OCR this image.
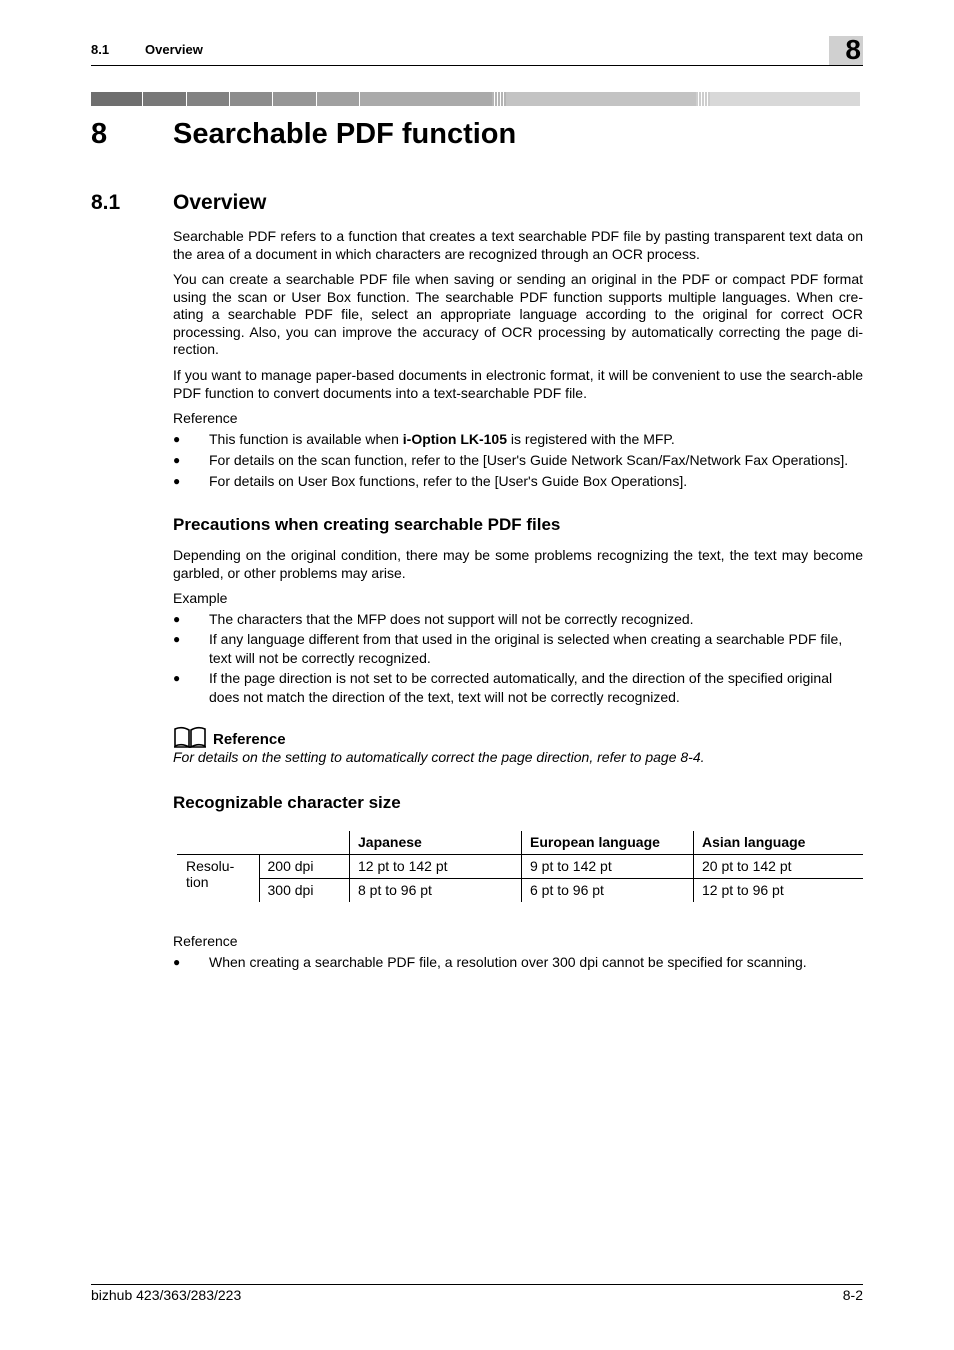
8.1	Overview	8
8 Searchable PDF function
8.1	Overview
Searchable PDF refers to a function that creates a text searchable PDF file by pasting transparent text data on the area of a document in which characters are recognized through an OCR process.
You can create a searchable PDF file when saving or sending an original in the PDF or compact PDF format using the scan or User Box function. The searchable PDF function supports multiple languages. When cre-ating a searchable PDF file, select an appropriate language according to the original for correct OCR processing. Also, you can improve the accuracy of OCR processing by automatically correcting the page di-rection.
If you want to manage paper-based documents in electronic format, it will be convenient to use the search-able PDF function to convert documents into a text-searchable PDF file.
Reference
● This function is available when i-Option LK-105 is registered with the MFP.
● For details on the scan function, refer to the [User's Guide Network Scan/Fax/Network Fax Operations].
● For details on User Box functions, refer to the [User's Guide Box Operations].
Precautions when creating searchable PDF files
Depending on the original condition, there may be some problems recognizing the text, the text may become garbled, or other problems may arise.
Example
● The characters that the MFP does not support will not be correctly recognized.
● If any language different from that used in the original is selected when creating a searchable PDF file, text will not be correctly recognized.
● If the page direction is not set to be corrected automatically, and the direction of the specified original does not match the direction of the text, text will not be correctly recognized.
Reference
For details on the setting to automatically correct the page direction, refer to page 8-4.
Recognizable character size
		Japanese	European language	Asian language
Resolu-
tion	200 dpi	12 pt to 142 pt	9 pt to 142 pt	20 pt to 142 pt
	300 dpi	8 pt to 96 pt	6 pt to 96 pt	12 pt to 96 pt
Reference
● When creating a searchable PDF file, a resolution over 300 dpi cannot be specified for scanning.
bizhub 423/363/283/223	8-2
